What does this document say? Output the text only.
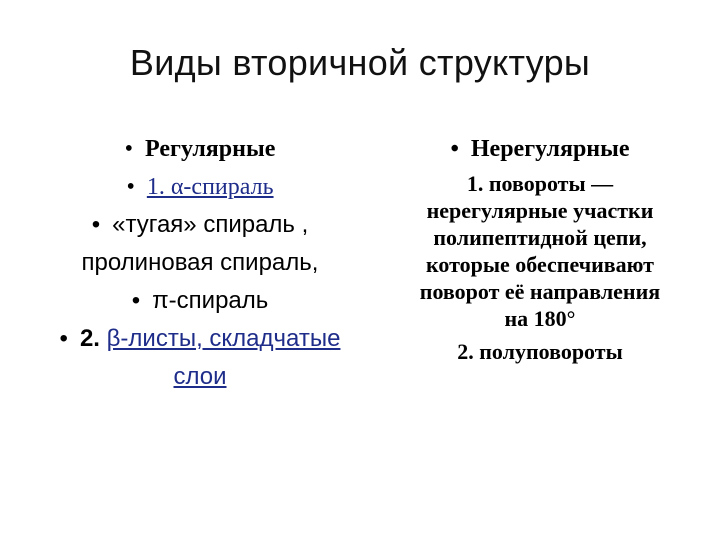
Виды вторичной структуры
• Регулярные
• 1. α-спираль
• «тугая» спираль ,
пролиновая спираль,
• π-спираль
• 2. β-листы, складчатые
слои
• Нерегулярные
1. повороты —
нерегулярные участки
полипептидной цепи,
которые обеспечивают
поворот её направления
на 180°
2. полуповороты
